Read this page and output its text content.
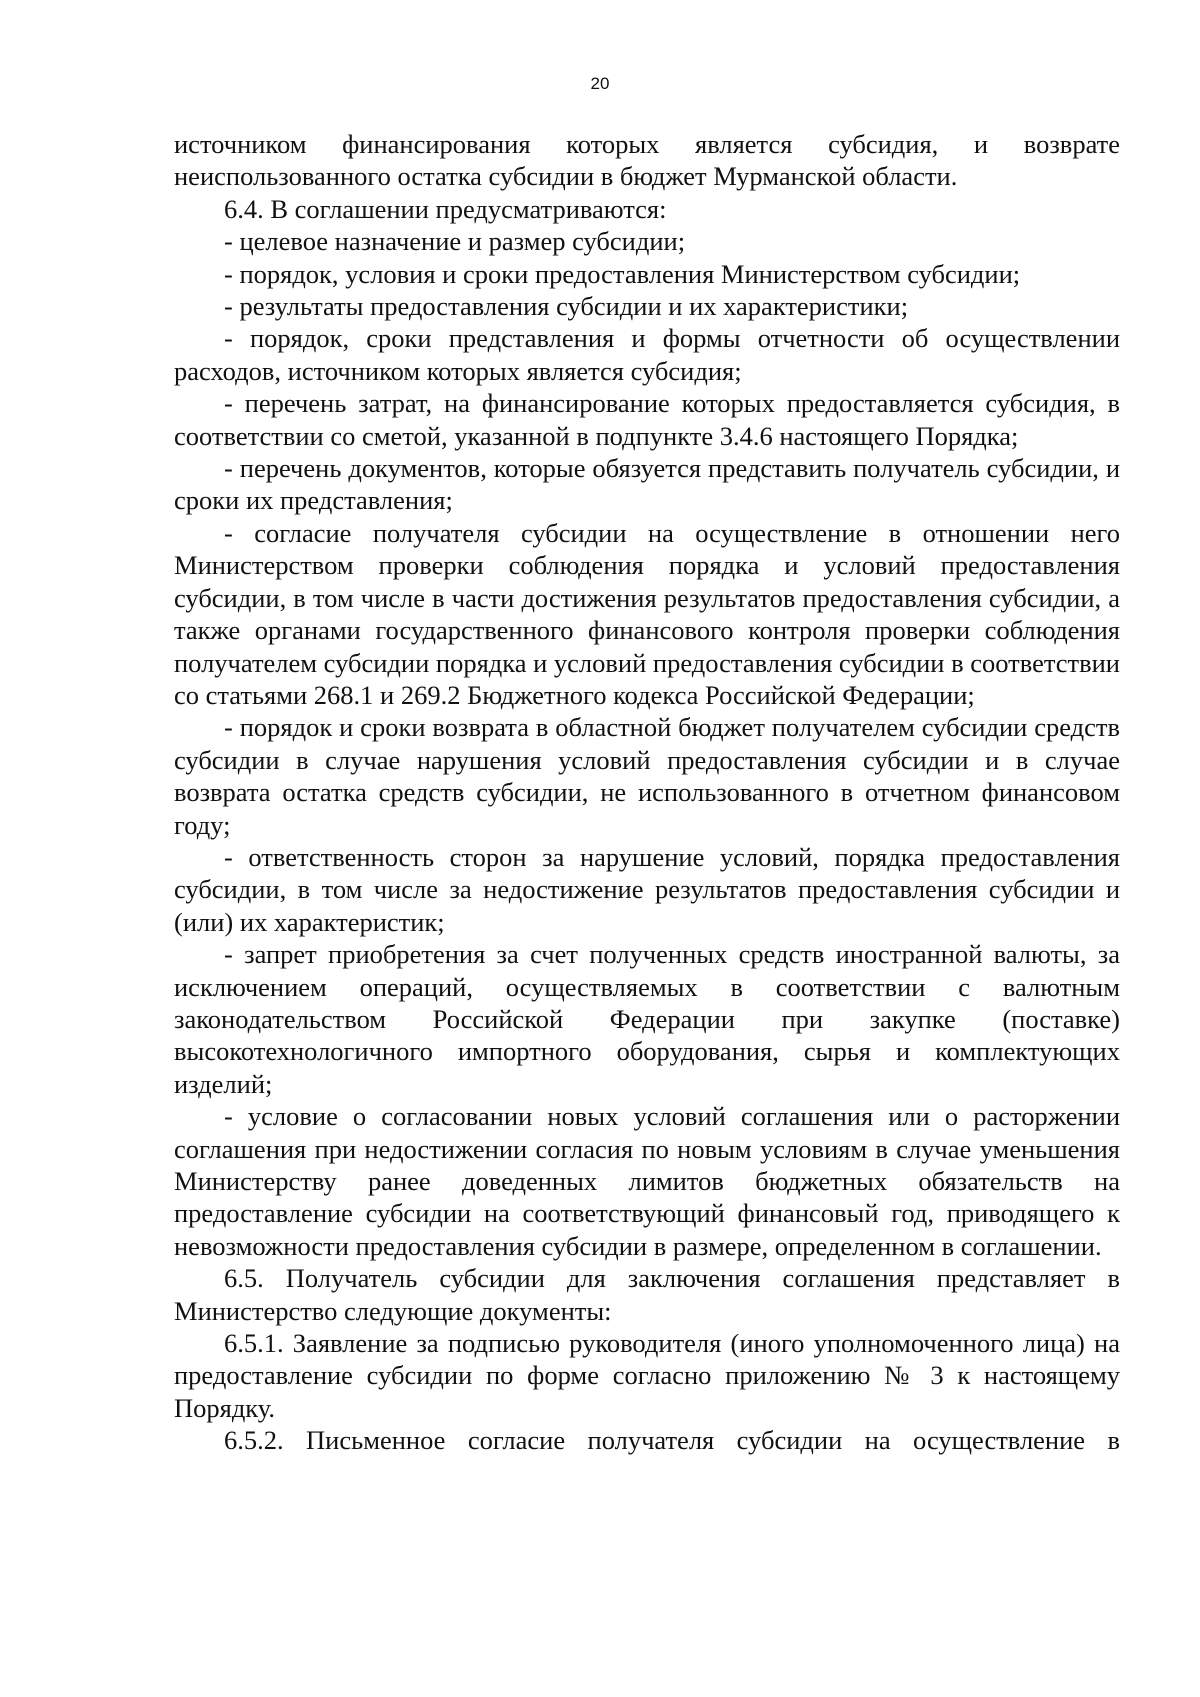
20

источником финансирования которых является субсидия, и возврате неиспользованного остатка субсидии в бюджет Мурманской области.

6.4. В соглашении предусматриваются:

- целевое назначение и размер субсидии;

- порядок, условия и сроки предоставления Министерством субсидии;

- результаты предоставления субсидии и их характеристики;

- порядок, сроки представления и формы отчетности об осуществлении расходов, источником которых является субсидия;

- перечень затрат, на финансирование которых предоставляется субсидия, в соответствии со сметой, указанной в подпункте 3.4.6 настоящего Порядка;

- перечень документов, которые обязуется представить получатель субсидии, и сроки их представления;

- согласие получателя субсидии на осуществление в отношении него Министерством проверки соблюдения порядка и условий предоставления субсидии, в том числе в части достижения результатов предоставления субсидии, а также органами государственного финансового контроля проверки соблюдения получателем субсидии порядка и условий предоставления субсидии в соответствии со статьями 268.1 и 269.2 Бюджетного кодекса Российской Федерации;

- порядок и сроки возврата в областной бюджет получателем субсидии средств субсидии в случае нарушения условий предоставления субсидии и в случае возврата остатка средств субсидии, не использованного в отчетном финансовом году;

- ответственность сторон за нарушение условий, порядка предоставления субсидии, в том числе за недостижение результатов предоставления субсидии и (или) их характеристик;

- запрет приобретения за счет полученных средств иностранной валюты, за исключением операций, осуществляемых в соответствии с валютным законодательством Российской Федерации при закупке (поставке) высокотехнологичного импортного оборудования, сырья и комплектующих изделий;

- условие о согласовании новых условий соглашения или о расторжении соглашения при недостижении согласия по новым условиям в случае уменьшения Министерству ранее доведенных лимитов бюджетных обязательств на предоставление субсидии на соответствующий финансовый год, приводящего к невозможности предоставления субсидии в размере, определенном в соглашении.

6.5. Получатель субсидии для заключения соглашения представляет в Министерство следующие документы:

6.5.1. Заявление за подписью руководителя (иного уполномоченного лица) на предоставление субсидии по форме согласно приложению № 3 к настоящему Порядку.

6.5.2. Письменное согласие получателя субсидии на осуществление в
